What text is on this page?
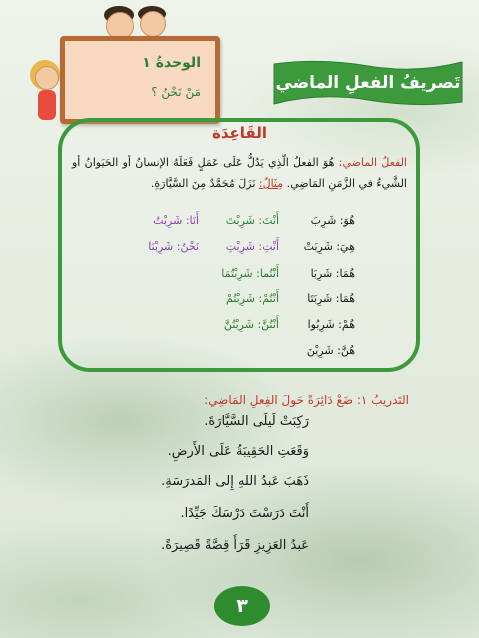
الوحدةُ ١
مَنْ نَحْنُ ؟	تَصريفُ الفعلِ الماضي
القَاعِدَة
الفعلُ الماضي: هُوَ الفعلُ الّذِي يَدُلُّ عَلَى عَمَلٍ فَعَلَهُ الإنسانُ أو الحَيَوانُ أو الشَّيءُ في الزَّمَنِ المَاضِي. مِثَالٌ: نَزَلَ مُحَمَّدٌ مِنَ السَّيَّارَةِ.
هُوَ: شَرِبَ
هِيَ: شَرِبَتْ
هُمَا: شَرِبَا
هُمَا: شَرِبَتَا
هُمْ: شَرِبُوا
هُنَّ: شَرِبْنَ
أَنْتَ: شَرِبْتَ
أَنْتِ: شَرِبْتِ
أَنْتُما: شَرِبْتُمَا
أَنْتُمْ: شَرِبْتُمْ
أَنْتُنَّ: شَرِبْتُنَّ
أَنَا: شَرِبْتُ
نَحْنُ: شَرِبْنَا
التَدريبُ ١: ضَعْ دَائِرَةً حَولَ الفِعلِ المَاضِي:
رَكِبَتْ لَيلَى السَّيَّارَةَ.
وَقَعَتِ الحَقِيبَةُ عَلَى الأَرضِ.
ذَهَبَ عَبدُ اللهِ إِلى المَدرَسَةِ.
أَنْتَ دَرَسْتَ دَرْسَكَ جَيِّدًا.
عَبدُ العَزِيزِ قَرَأَ قِصَّةً قَصِيرَةً.
٣
